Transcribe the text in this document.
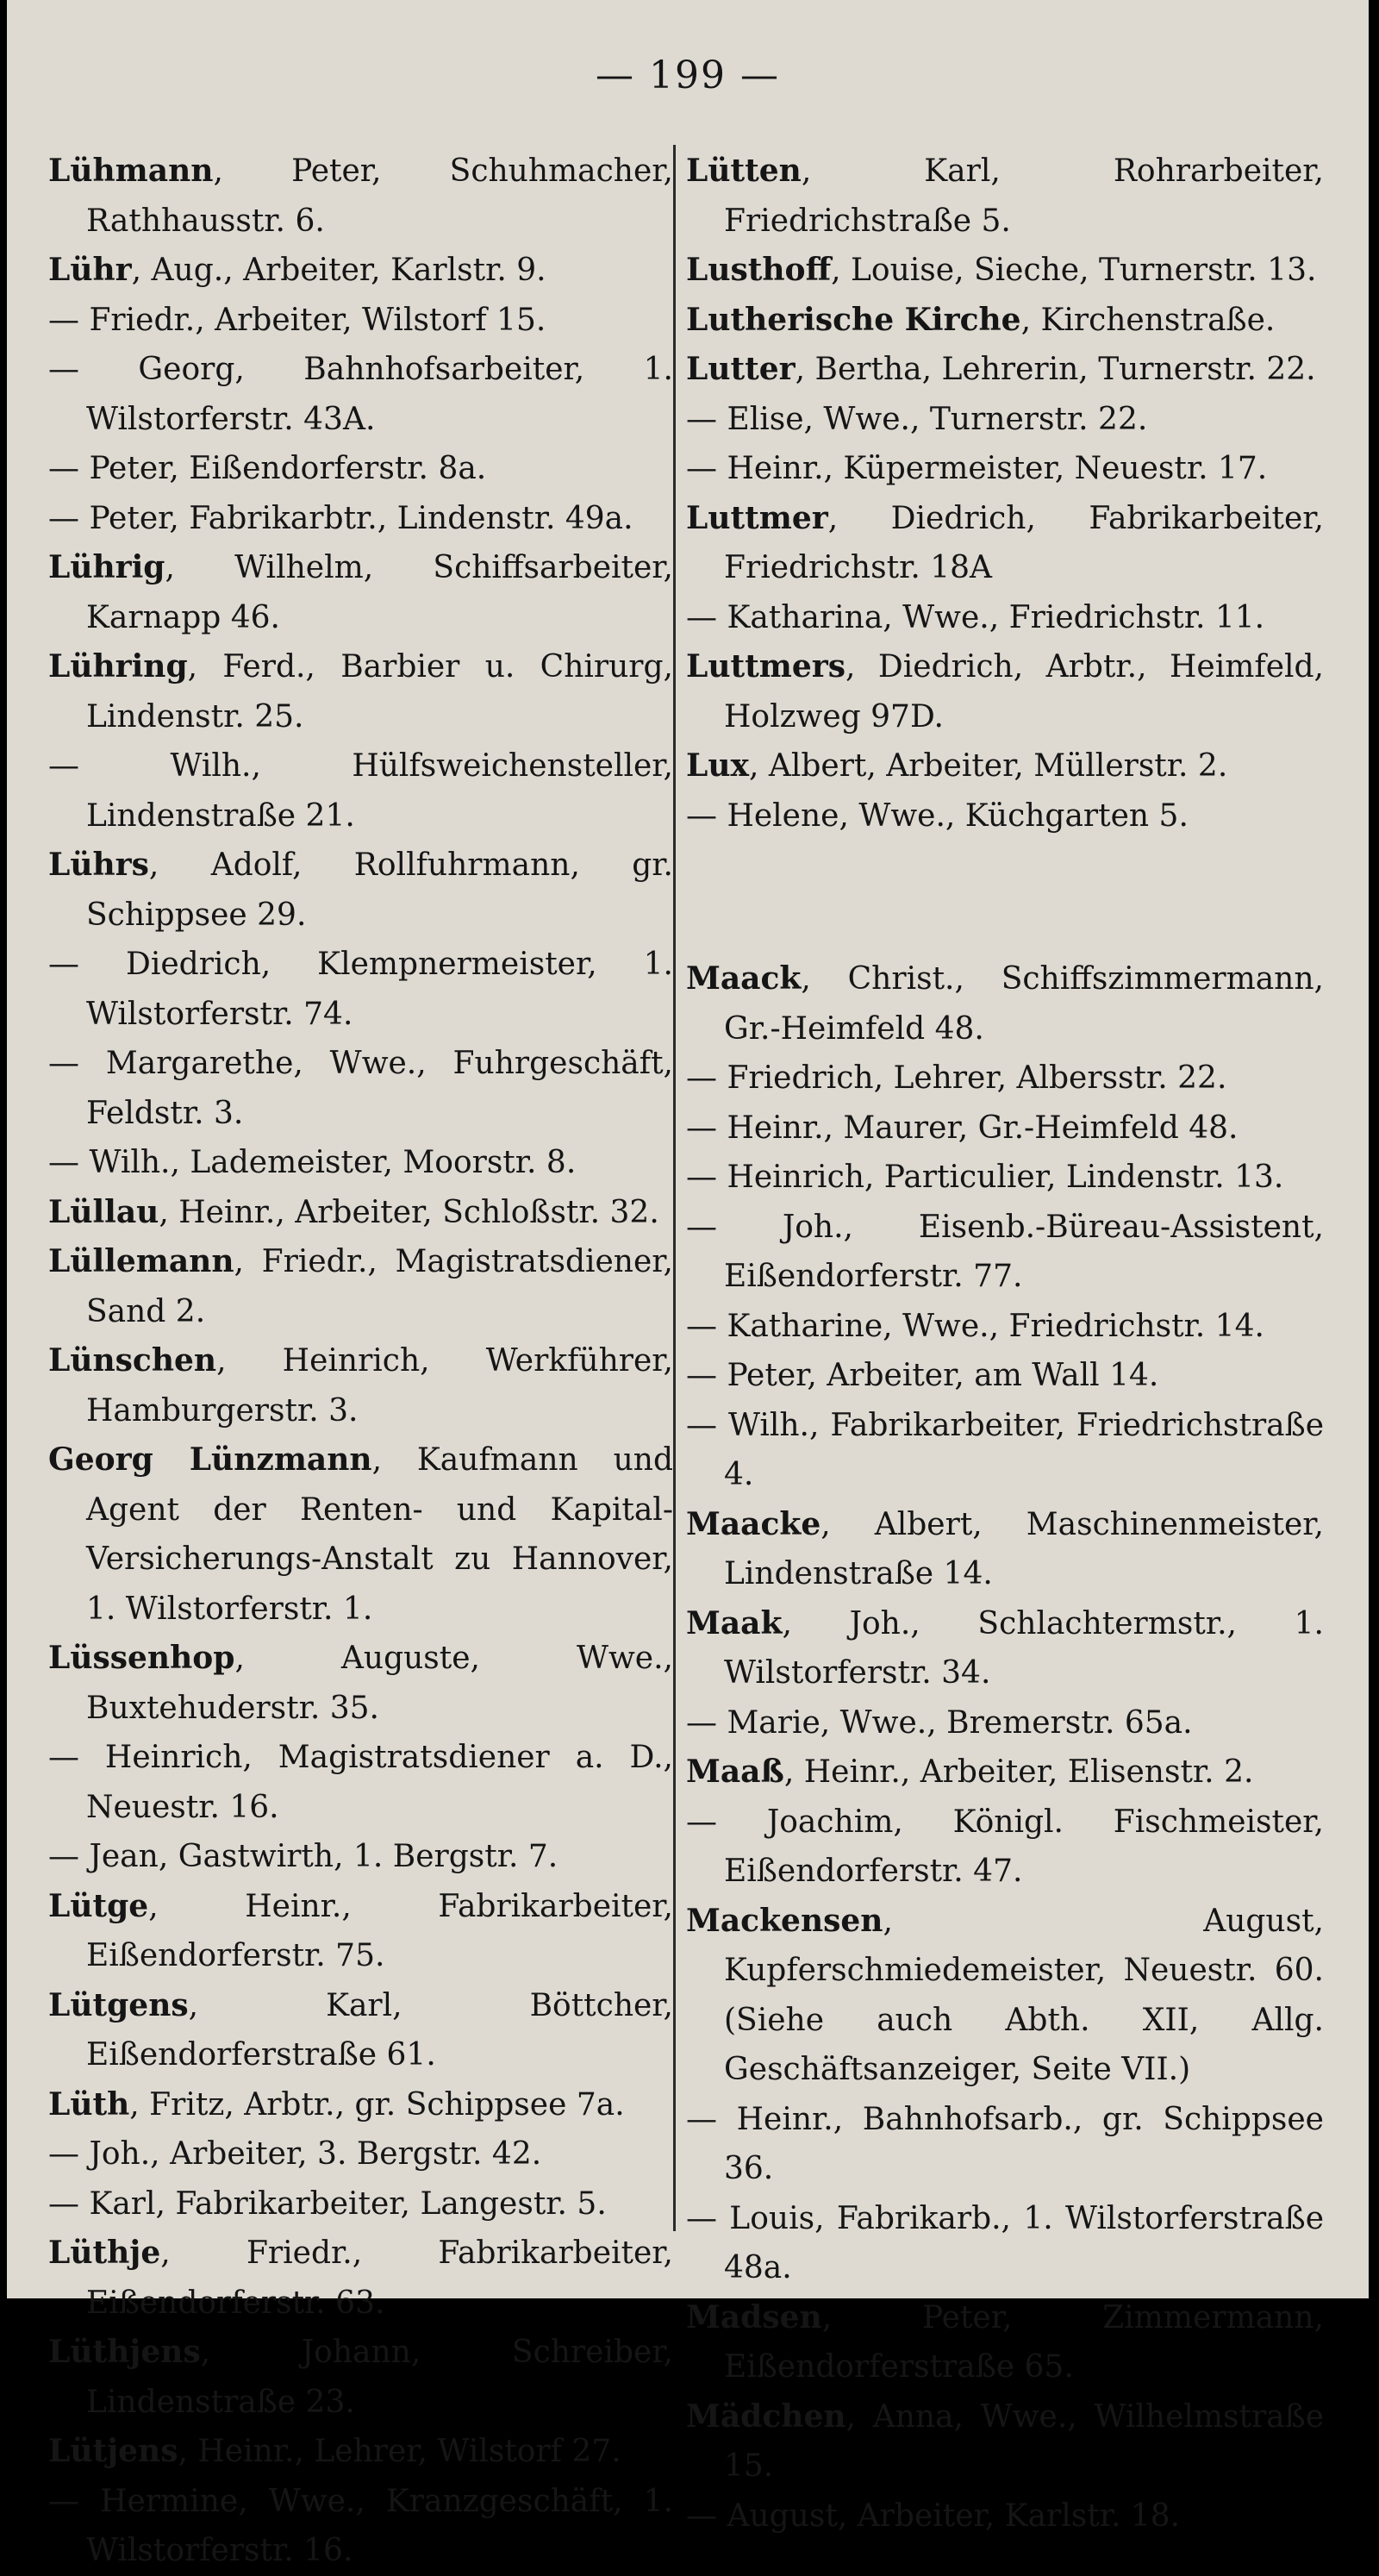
— 199 —
Lühmann, Peter, Schuhmacher, Rathhausstr. 6.
Lühr, Aug., Arbeiter, Karlstr. 9.
— Friedr., Arbeiter, Wilstorf 15.
— Georg, Bahnhofsarbeiter, 1. Wilstorferstr. 43A.
— Peter, Eißendorferstr. 8a.
— Peter, Fabrikarbtr., Lindenstr. 49a.
Lührig, Wilhelm, Schiffsarbeiter, Karnapp 46.
Lühring, Ferd., Barbier u. Chirurg, Lindenstr. 25.
— Wilh., Hülfsweichensteller, Lindenstraße 21.
Lührs, Adolf, Rollfuhrmann, gr. Schippsee 29.
— Diedrich, Klempnermeister, 1. Wilstorferstr. 74.
— Margarethe, Wwe., Fuhrgeschäft, Feldstr. 3.
— Wilh., Lademeister, Moorstr. 8.
Lüllau, Heinr., Arbeiter, Schloßstr. 32.
Lüllemann, Friedr., Magistratsdiener, Sand 2.
Lünschen, Heinrich, Werkführer, Hamburgerstr. 3.
Georg Lünzmann, Kaufmann und Agent der Renten- und Kapital-Versicherungs-Anstalt zu Hannover, 1. Wilstorferstr. 1.
Lüssenhop, Auguste, Wwe., Buxtehuderstr. 35.
— Heinrich, Magistratsdiener a. D., Neuestr. 16.
— Jean, Gastwirth, 1. Bergstr. 7.
Lütge, Heinr., Fabrikarbeiter, Eißendorferstr. 75.
Lütgens, Karl, Böttcher, Eißendorferstraße 61.
Lüth, Fritz, Arbtr., gr. Schippsee 7a.
— Joh., Arbeiter, 3. Bergstr. 42.
— Karl, Fabrikarbeiter, Langestr. 5.
Lüthje, Friedr., Fabrikarbeiter, Eißendorferstr. 63.
Lüthjens, Johann, Schreiber, Lindenstraße 23.
Lütjens, Heinr., Lehrer, Wilstorf 27.
— Hermine, Wwe., Kranzgeschäft, 1. Wilstorferstr. 16.
Lütten, Karl, Rohrarbeiter, Friedrichstraße 5.
Lusthoff, Louise, Sieche, Turnerstr. 13.
Lutherische Kirche, Kirchenstraße.
Lutter, Bertha, Lehrerin, Turnerstr. 22.
— Elise, Wwe., Turnerstr. 22.
— Heinr., Küpermeister, Neuestr. 17.
Luttmer, Diedrich, Fabrikarbeiter, Friedrichstr. 18A
— Katharina, Wwe., Friedrichstr. 11.
Luttmers, Diedrich, Arbtr., Heimfeld, Holzweg 97D.
Lux, Albert, Arbeiter, Müllerstr. 2.
— Helene, Wwe., Küchgarten 5.
Maack, Christ., Schiffszimmermann, Gr.-Heimfeld 48.
— Friedrich, Lehrer, Albersstr. 22.
— Heinr., Maurer, Gr.-Heimfeld 48.
— Heinrich, Particulier, Lindenstr. 13.
— Joh., Eisenb.-Büreau-Assistent, Eißendorferstr. 77.
— Katharine, Wwe., Friedrichstr. 14.
— Peter, Arbeiter, am Wall 14.
— Wilh., Fabrikarbeiter, Friedrichstraße 4.
Maacke, Albert, Maschinenmeister, Lindenstraße 14.
Maak, Joh., Schlachtermstr., 1. Wilstorferstr. 34.
— Marie, Wwe., Bremerstr. 65a.
Maaß, Heinr., Arbeiter, Elisenstr. 2.
— Joachim, Königl. Fischmeister, Eißendorferstr. 47.
Mackensen, August, Kupferschmiedemeister, Neuestr. 60. (Siehe auch Abth. XII, Allg. Geschäftsanzeiger, Seite VII.)
— Heinr., Bahnhofsarb., gr. Schippsee 36.
— Louis, Fabrikarb., 1. Wilstorferstraße 48a.
Madsen, Peter, Zimmermann, Eißendorferstraße 65.
Mädchen, Anna, Wwe., Wilhelmstraße 15.
— August, Arbeiter, Karlstr. 18.
